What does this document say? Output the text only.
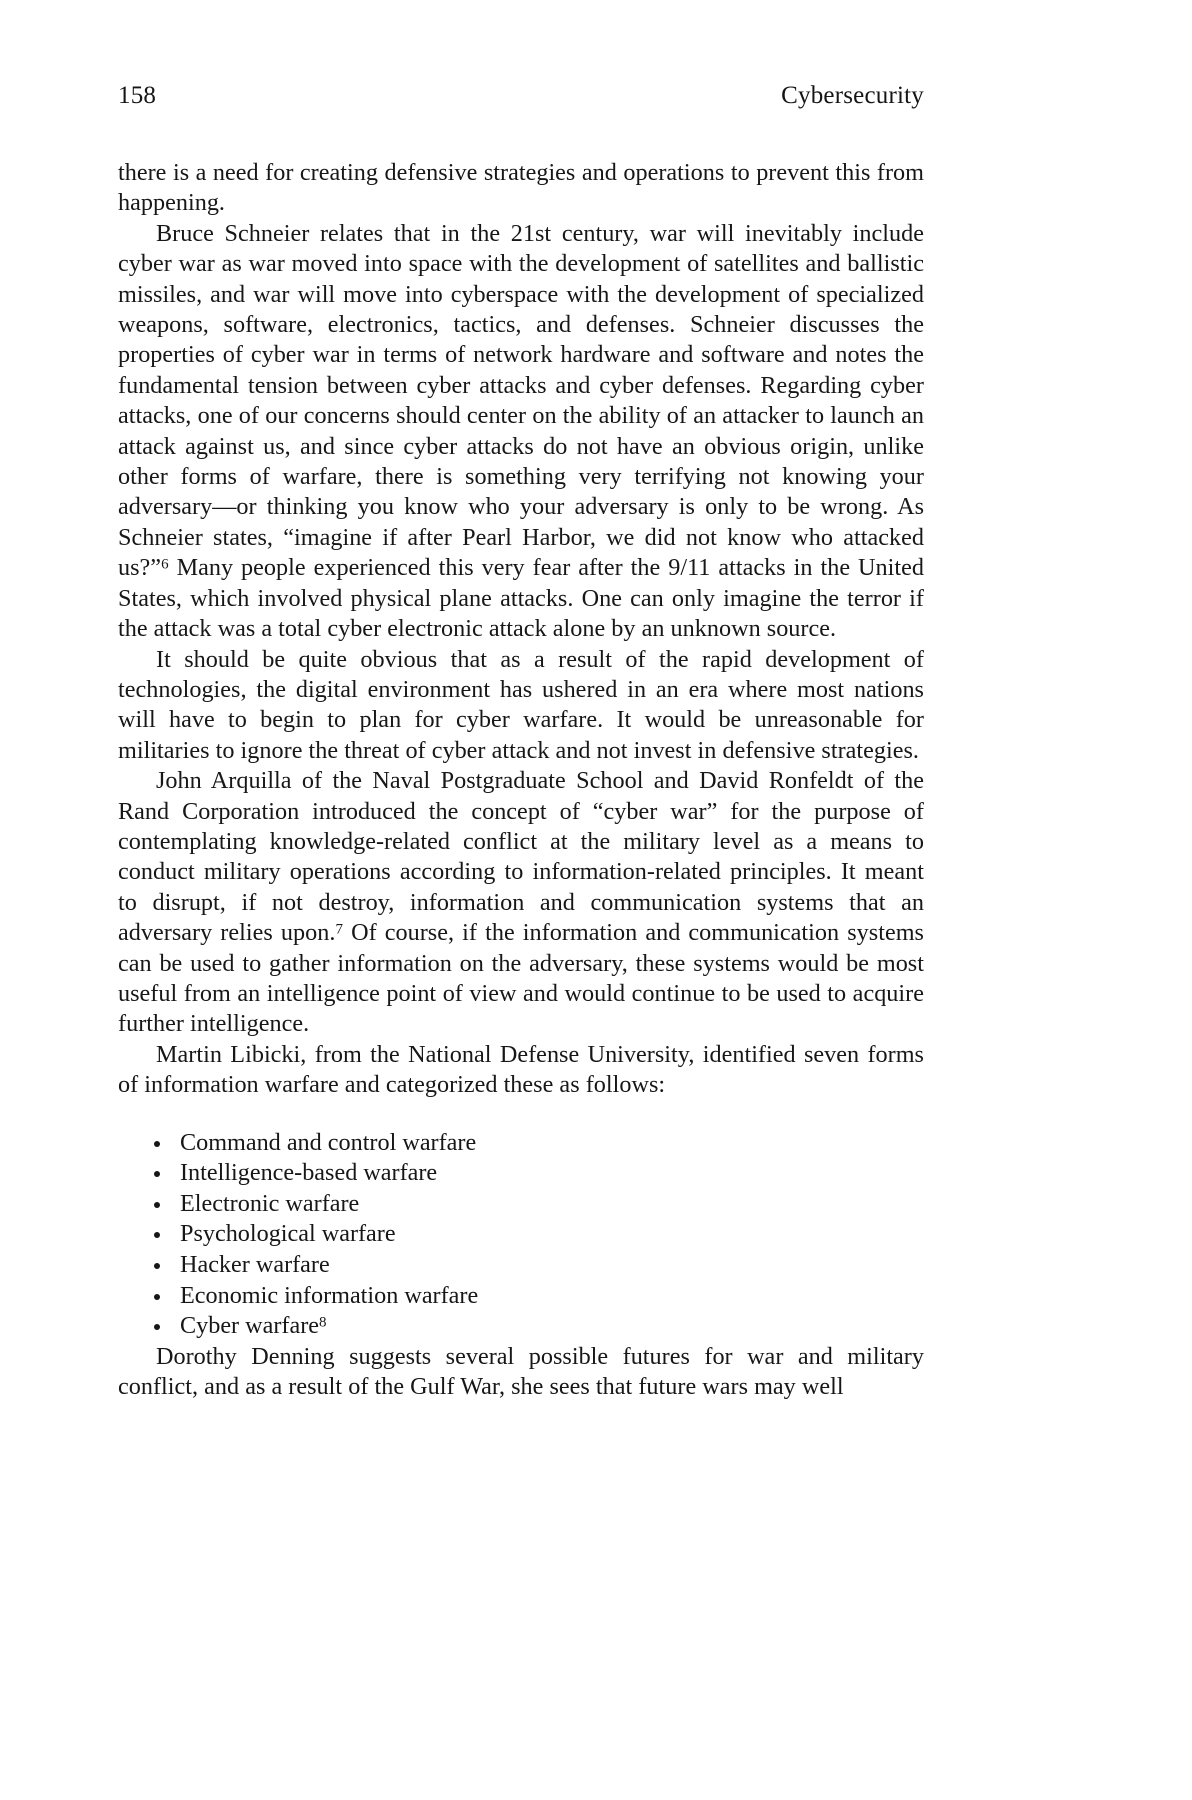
158	Cybersecurity

there is a need for creating defensive strategies and operations to prevent this from happening.

Bruce Schneier relates that in the 21st century, war will inevitably include cyber war as war moved into space with the development of satellites and ballistic missiles, and war will move into cyberspace with the development of specialized weapons, software, electronics, tactics, and defenses. Schneier discusses the properties of cyber war in terms of network hardware and software and notes the fundamental tension between cyber attacks and cyber defenses. Regarding cyber attacks, one of our concerns should center on the ability of an attacker to launch an attack against us, and since cyber attacks do not have an obvious origin, unlike other forms of warfare, there is something very terrifying not knowing your adversary—or thinking you know who your adversary is only to be wrong. As Schneier states, “imagine if after Pearl Harbor, we did not know who attacked us?”$^6$ Many people experienced this very fear after the 9/11 attacks in the United States, which involved physical plane attacks. One can only imagine the terror if the attack was a total cyber electronic attack alone by an unknown source.

It should be quite obvious that as a result of the rapid development of technologies, the digital environment has ushered in an era where most nations will have to begin to plan for cyber warfare. It would be unreasonable for militaries to ignore the threat of cyber attack and not invest in defensive strategies.

John Arquilla of the Naval Postgraduate School and David Ronfeldt of the Rand Corporation introduced the concept of “cyber war” for the purpose of contemplating knowledge-related conflict at the military level as a means to conduct military operations according to information-related principles. It meant to disrupt, if not destroy, information and communication systems that an adversary relies upon.$^7$ Of course, if the information and communication systems can be used to gather information on the adversary, these systems would be most useful from an intelligence point of view and would continue to be used to acquire further intelligence.

Martin Libicki, from the National Defense University, identified seven forms of information warfare and categorized these as follows:

Command and control warfare
Intelligence-based warfare
Electronic warfare
Psychological warfare
Hacker warfare
Economic information warfare
Cyber warfare$^8$

Dorothy Denning suggests several possible futures for war and military conflict, and as a result of the Gulf War, she sees that future wars may well
